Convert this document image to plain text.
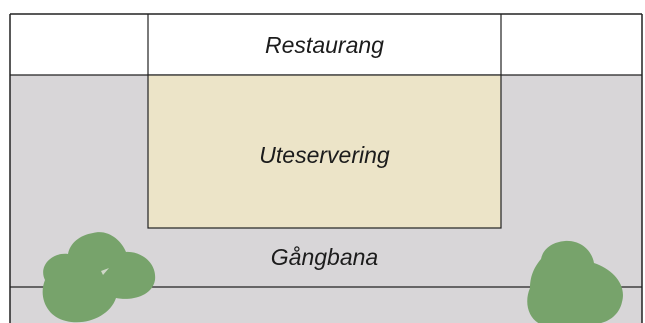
Restaurang
Uteservering
Gångbana
